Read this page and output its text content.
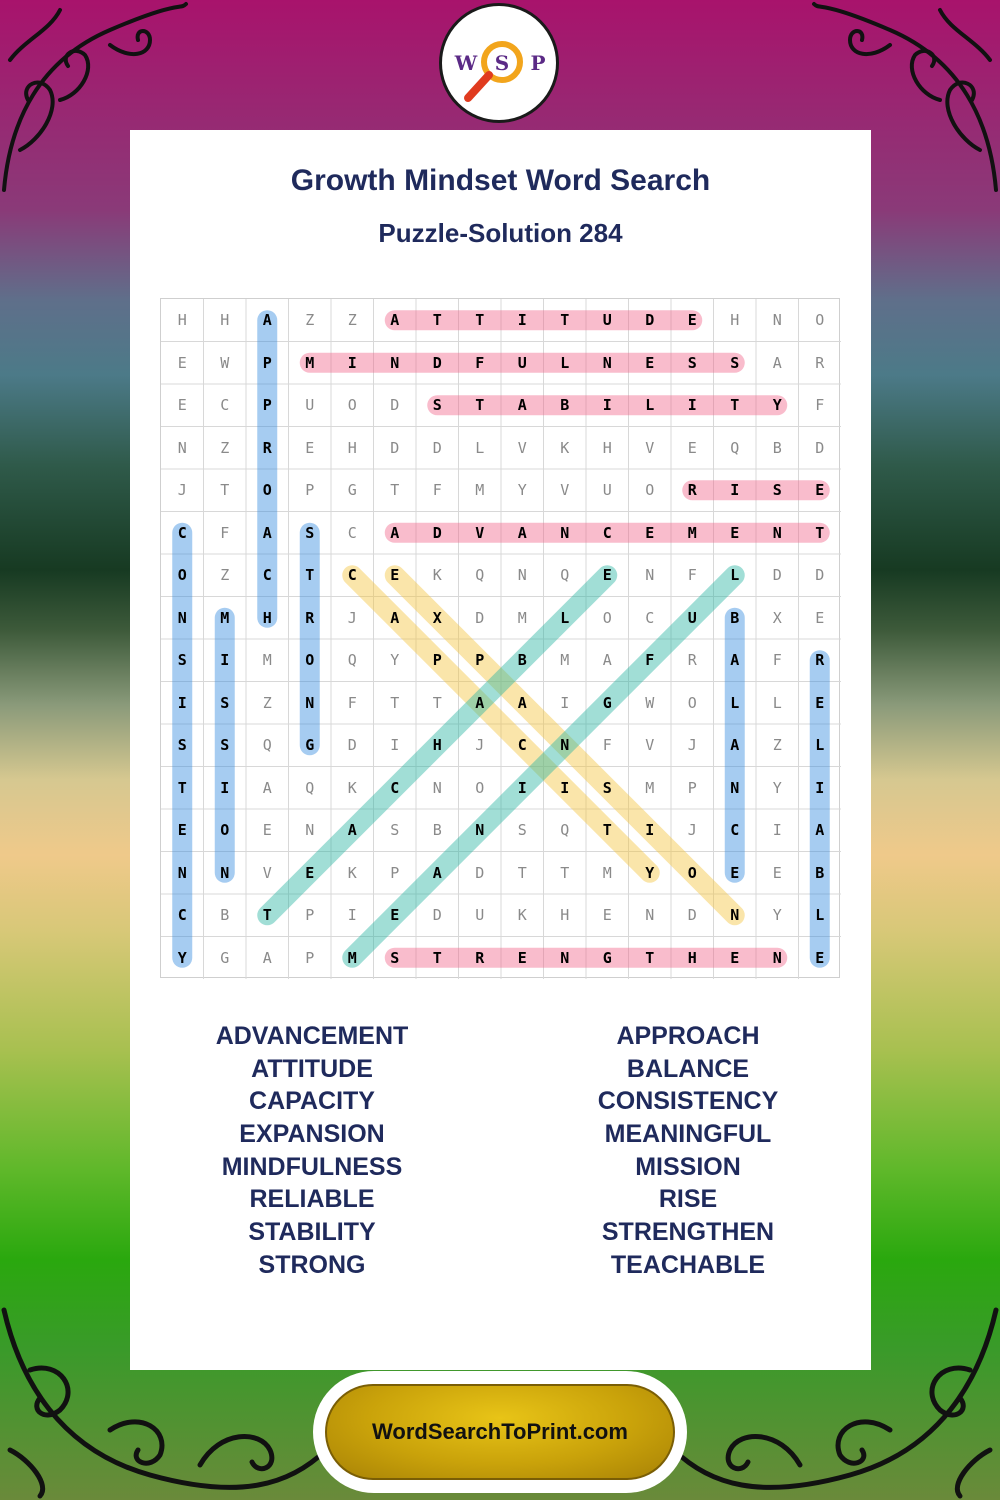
W S P
Growth Mindset Word Search
Puzzle-Solution 284
H	H	A	Z	Z	A	T	T	I	T	U	D	E	H	N	O
E	W	P	M	I	N	D	F	U	L	N	E	S	S	A	R
E	C	P	U	O	D	S	T	A	B	I	L	I	T	Y	F
N	Z	R	E	H	D	D	L	V	K	H	V	E	Q	B	D
J	T	O	P	G	T	F	M	Y	V	U	O	R	I	S	E
C	F	A	S	C	A	D	V	A	N	C	E	M	E	N	T
O	Z	C	T	C	E	K	Q	N	Q	E	N	F	L	D	D
N	M	H	R	J	A	X	D	M	L	O	C	U	B	X	E
S	I	M	O	Q	Y	P	P	B	M	A	F	R	A	F	R
I	S	Z	N	F	T	T	A	A	I	G	W	O	L	L	E
S	S	Q	G	D	I	H	J	C	N	F	V	J	A	Z	L
T	I	A	Q	K	C	N	O	I	I	S	M	P	N	Y	I
E	O	E	N	A	S	B	N	S	Q	T	I	J	C	I	A
N	N	V	E	K	P	A	D	T	T	M	Y	O	E	E	B
C	B	T	P	I	E	D	U	K	H	E	N	D	N	Y	L
Y	G	A	P	M	S	T	R	E	N	G	T	H	E	N	E
ADVANCEMENT
ATTITUDE
CAPACITY
EXPANSION
MINDFULNESS
RELIABLE
STABILITY
STRONG
APPROACH
BALANCE
CONSISTENCY
MEANINGFUL
MISSION
RISE
STRENGTHEN
TEACHABLE
WordSearchToPrint.com
